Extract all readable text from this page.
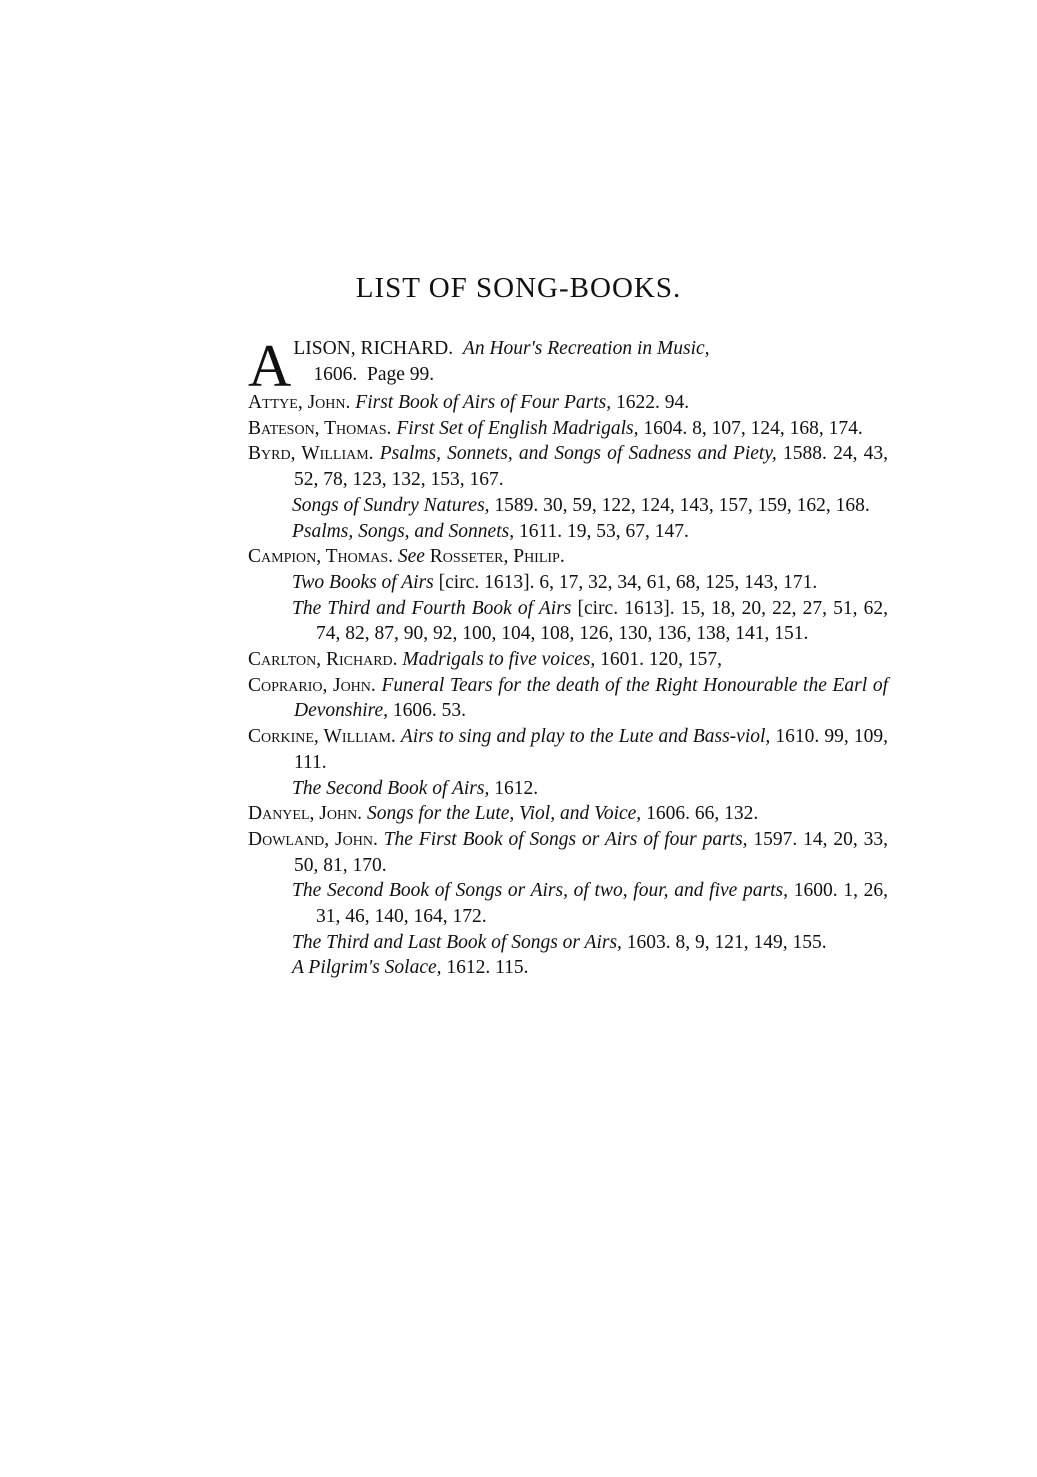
LIST OF SONG-BOOKS.
A LISON, RICHARD. An Hour's Recreation in Music,
1606. Page 99.

Attye, John. First Book of Airs of Four Parts, 1622. 94.

Bateson, Thomas. First Set of English Madrigals, 1604. 8, 107, 124, 168, 174.

Byrd, William. Psalms, Sonnets, and Songs of Sadness and Piety, 1588. 24, 43, 52, 78, 123, 132, 153, 167.

Songs of Sundry Natures, 1589. 30, 59, 122, 124, 143, 157, 159, 162, 168.

Psalms, Songs, and Sonnets, 1611. 19, 53, 67, 147.

Campion, Thomas. See Rosseter, Philip.

Two Books of Airs [circ. 1613]. 6, 17, 32, 34, 61, 68, 125, 143, 171.

The Third and Fourth Book of Airs [circ. 1613]. 15, 18, 20, 22, 27, 51, 62, 74, 82, 87, 90, 92, 100, 104, 108, 126, 130, 136, 138, 141, 151.

Carlton, Richard. Madrigals to five voices, 1601. 120, 157,

Coprario, John. Funeral Tears for the death of the Right Honourable the Earl of Devonshire, 1606. 53.

Corkine, William. Airs to sing and play to the Lute and Bass-viol, 1610. 99, 109, 111.

The Second Book of Airs, 1612.

Danyel, John. Songs for the Lute, Viol, and Voice, 1606. 66, 132.

Dowland, John. The First Book of Songs or Airs of four parts, 1597. 14, 20, 33, 50, 81, 170.

The Second Book of Songs or Airs, of two, four, and five parts, 1600. 1, 26, 31, 46, 140, 164, 172.

The Third and Last Book of Songs or Airs, 1603. 8, 9, 121, 149, 155.

A Pilgrim's Solace, 1612. 115.
